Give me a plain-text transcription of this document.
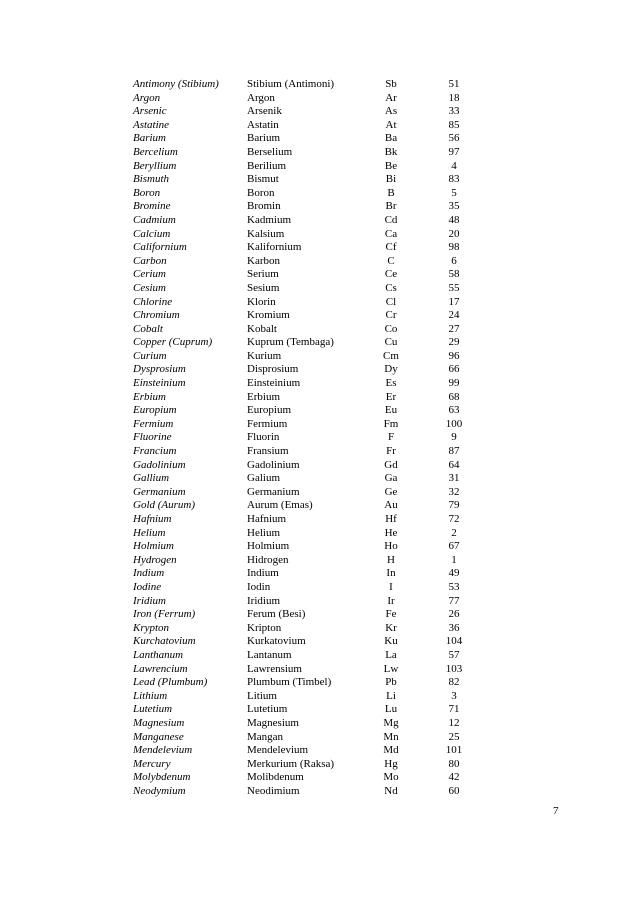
Antimony (Stibium)	Stibium (Antimoni)	Sb	51
Argon	Argon	Ar	18
Arsenic	Arsenik	As	33
Astatine	Astatin	At	85
Barium	Barium	Ba	56
Bercelium	Berselium	Bk	97
Beryllium	Berilium	Be	4
Bismuth	Bismut	Bi	83
Boron	Boron	B	5
Bromine	Bromin	Br	35
Cadmium	Kadmium	Cd	48
Calcium	Kalsium	Ca	20
Californium	Kalifornium	Cf	98
Carbon	Karbon	C	6
Cerium	Serium	Ce	58
Cesium	Sesium	Cs	55
Chlorine	Klorin	Cl	17
Chromium	Kromium	Cr	24
Cobalt	Kobalt	Co	27
Copper (Cuprum)	Kuprum (Tembaga)	Cu	29
Curium	Kurium	Cm	96
Dysprosium	Disprosium	Dy	66
Einsteinium	Einsteinium	Es	99
Erbium	Erbium	Er	68
Europium	Europium	Eu	63
Fermium	Fermium	Fm	100
Fluorine	Fluorin	F	9
Francium	Fransium	Fr	87
Gadolinium	Gadolinium	Gd	64
Gallium	Galium	Ga	31
Germanium	Germanium	Ge	32
Gold (Aurum)	Aurum (Emas)	Au	79
Hafnium	Hafnium	Hf	72
Helium	Helium	He	2
Holmium	Holmium	Ho	67
Hydrogen	Hidrogen	H	1
Indium	Indium	In	49
Iodine	Iodin	I	53
Iridium	Iridium	Ir	77
Iron (Ferrum)	Ferum (Besi)	Fe	26
Krypton	Kripton	Kr	36
Kurchatovium	Kurkatovium	Ku	104
Lanthanum	Lantanum	La	57
Lawrencium	Lawrensium	Lw	103
Lead (Plumbum)	Plumbum (Timbel)	Pb	82
Lithium	Litium	Li	3
Lutetium	Lutetium	Lu	71
Magnesium	Magnesium	Mg	12
Manganese	Mangan	Mn	25
Mendelevium	Mendelevium	Md	101
Mercury	Merkurium (Raksa)	Hg	80
Molybdenum	Molibdenum	Mo	42
Neodymium	Neodimium	Nd	60
7
